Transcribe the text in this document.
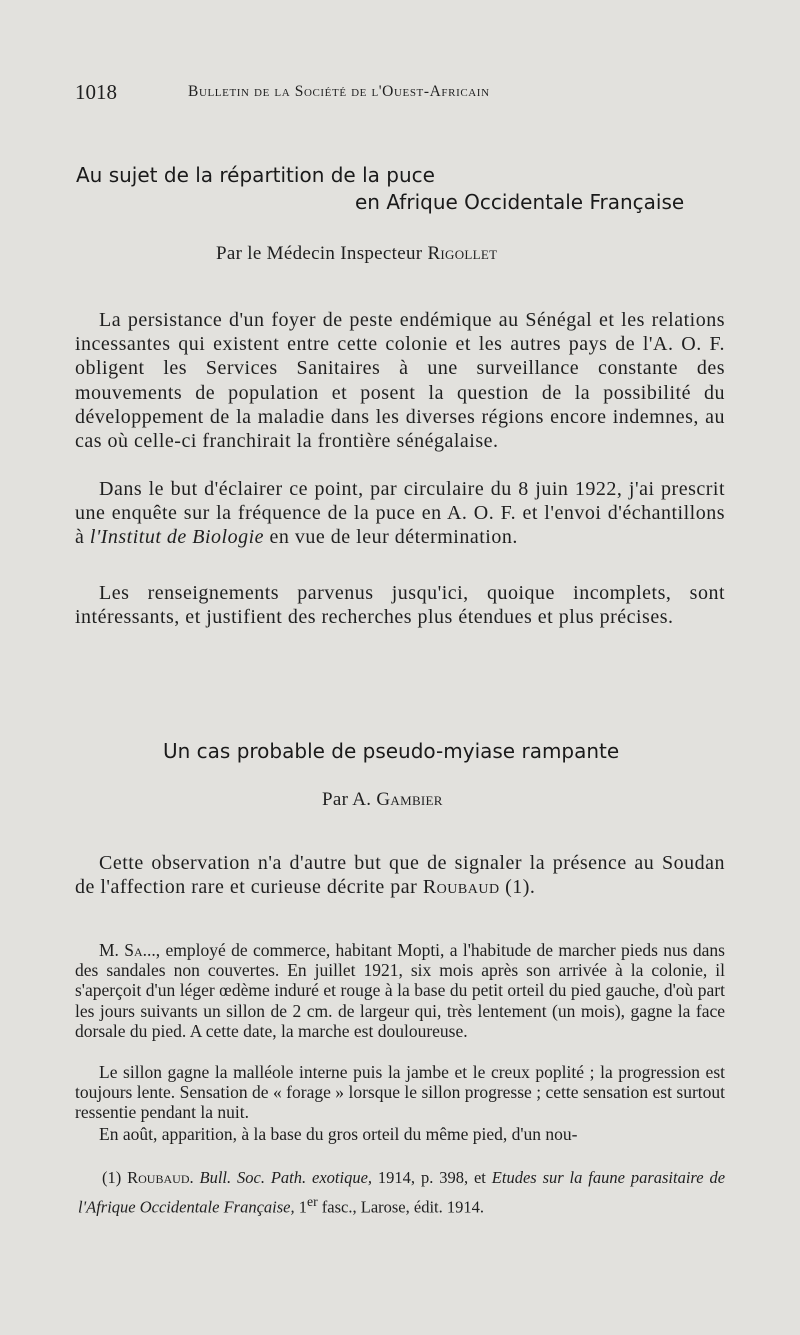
1018	Bulletin de la Société de l'Ouest-Africain
Au sujet de la répartition de la puce
en Afrique Occidentale Française
Par le Médecin Inspecteur Rigollet

La persistance d'un foyer de peste endémique au Sénégal et les relations incessantes qui existent entre cette colonie et les autres pays de l'A. O. F. obligent les Services Sanitaires à une surveillance constante des mouvements de population et posent la question de la possibilité du développement de la maladie dans les diverses régions encore indemnes, au cas où celle-ci franchirait la frontière sénégalaise.

Dans le but d'éclairer ce point, par circulaire du 8 juin 1922, j'ai prescrit une enquête sur la fréquence de la puce en A. O. F. et l'envoi d'échantillons à l'Institut de Biologie en vue de leur détermination.

Les renseignements parvenus jusqu'ici, quoique incomplets, sont intéressants, et justifient des recherches plus étendues et plus précises.

Un cas probable de pseudo-myiase rampante
Par A. Gambier

Cette observation n'a d'autre but que de signaler la présence au Soudan de l'affection rare et curieuse décrite par Roubaud (1).

M. Sa..., employé de commerce, habitant Mopti, a l'habitude de marcher pieds nus dans des sandales non couvertes. En juillet 1921, six mois après son arrivée à la colonie, il s'aperçoit d'un léger œdème induré et rouge à la base du petit orteil du pied gauche, d'où part les jours suivants un sillon de 2 cm. de largeur qui, très lentement (un mois), gagne la face dorsale du pied. A cette date, la marche est douloureuse.

Le sillon gagne la malléole interne puis la jambe et le creux poplité ; la progression est toujours lente. Sensation de « forage » lorsque le sillon progresse ; cette sensation est surtout ressentie pendant la nuit.

En août, apparition, à la base du gros orteil du même pied, d'un nou-

(1) Roubaud. Bull. Soc. Path. exotique, 1914, p. 398, et Etudes sur la faune parasitaire de l'Afrique Occidentale Française, 1er fasc., Larose, édit. 1914.
